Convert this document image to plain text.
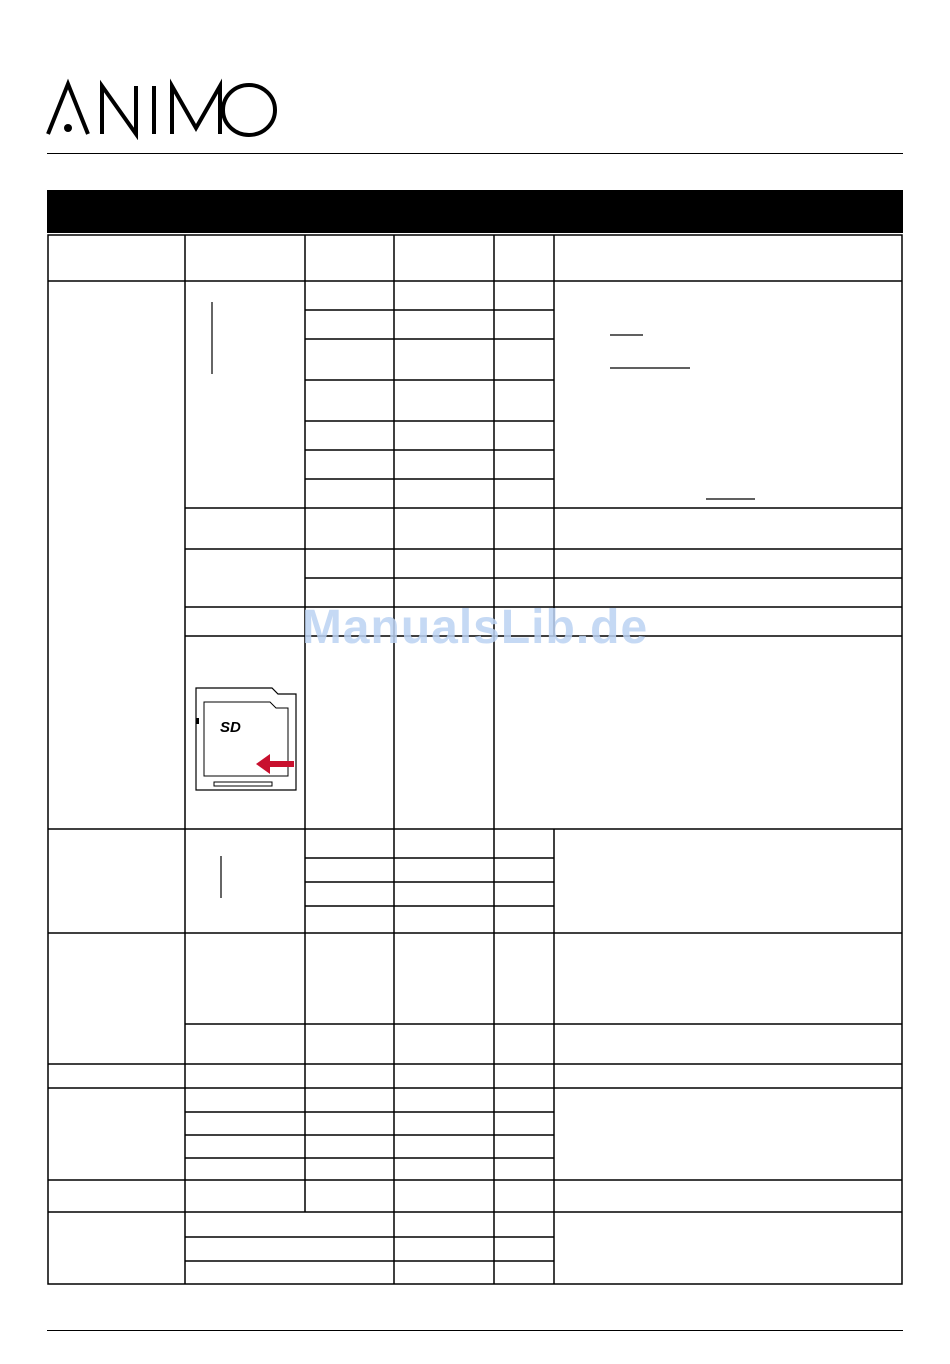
ANIMO
SD
ManualsLib.de
